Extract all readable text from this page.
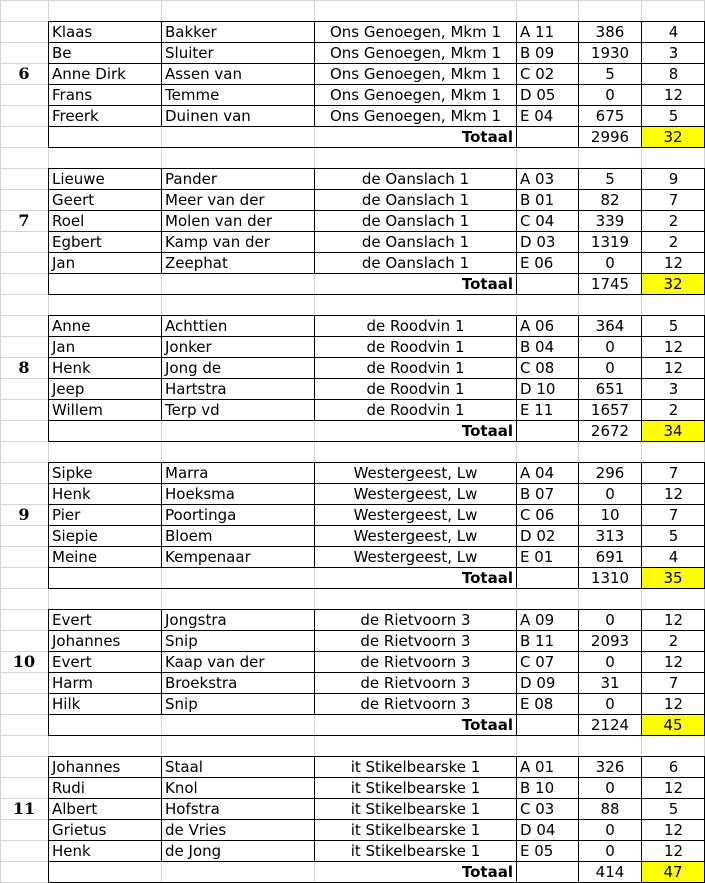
6
Klaas	Bakker	Ons Genoegen, Mkm 1	A 11	386	4
Be	Sluiter	Ons Genoegen, Mkm 1	B 09	1930	3
Anne Dirk	Assen van	Ons Genoegen, Mkm 1	C 02	5	8
Frans	Temme	Ons Genoegen, Mkm 1	D 05	0	12
Freerk	Duinen van	Ons Genoegen, Mkm 1	E 04	675	5
Totaal	2996	32
7
Lieuwe	Pander	de Oanslach 1	A 03	5	9
Geert	Meer van der	de Oanslach 1	B 01	82	7
Roel	Molen van der	de Oanslach 1	C 04	339	2
Egbert	Kamp van der	de Oanslach 1	D 03	1319	2
Jan	Zeephat	de Oanslach 1	E 06	0	12
Totaal	1745	32
8
Anne	Achttien	de Roodvin 1	A 06	364	5
Jan	Jonker	de Roodvin 1	B 04	0	12
Henk	Jong de	de Roodvin 1	C 08	0	12
Jeep	Hartstra	de Roodvin 1	D 10	651	3
Willem	Terp vd	de Roodvin 1	E 11	1657	2
Totaal	2672	34
9
Sipke	Marra	Westergeest, Lw	A 04	296	7
Henk	Hoeksma	Westergeest, Lw	B 07	0	12
Pier	Poortinga	Westergeest, Lw	C 06	10	7
Siepie	Bloem	Westergeest, Lw	D 02	313	5
Meine	Kempenaar	Westergeest, Lw	E 01	691	4
Totaal	1310	35
10
Evert	Jongstra	de Rietvoorn 3	A 09	0	12
Johannes	Snip	de Rietvoorn 3	B 11	2093	2
Evert	Kaap van der	de Rietvoorn 3	C 07	0	12
Harm	Broekstra	de Rietvoorn 3	D 09	31	7
Hilk	Snip	de Rietvoorn 3	E 08	0	12
Totaal	2124	45
11
Johannes	Staal	it Stikelbearske 1	A 01	326	6
Rudi	Knol	it Stikelbearske 1	B 10	0	12
Albert	Hofstra	it Stikelbearske 1	C 03	88	5
Grietus	de Vries	it Stikelbearske 1	D 04	0	12
Henk	de Jong	it Stikelbearske 1	E 05	0	12
Totaal	414	47
